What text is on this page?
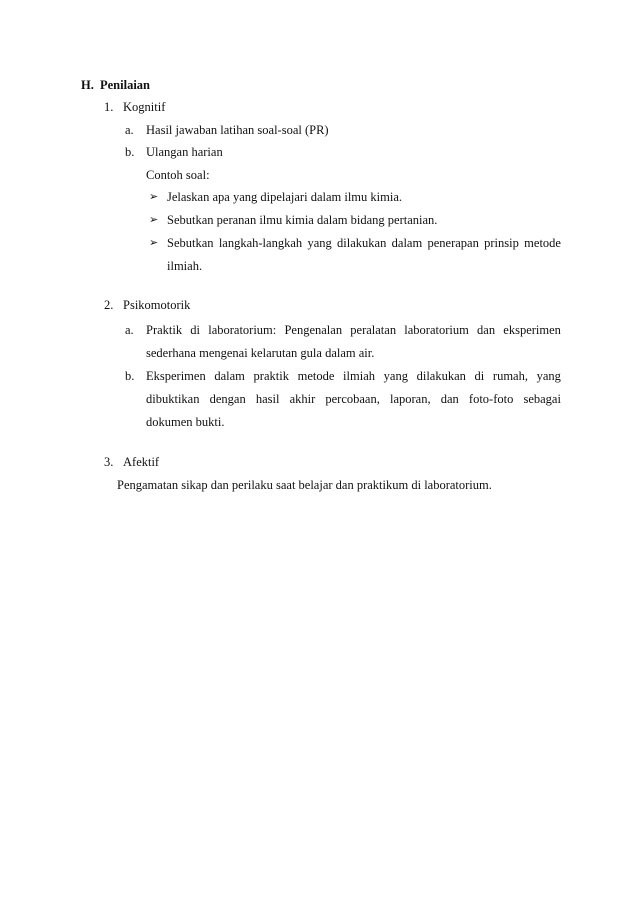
H. Penilaian
1. Kognitif
a. Hasil jawaban latihan soal-soal (PR)
b. Ulangan harian
Contoh soal:
➢ Jelaskan apa yang dipelajari dalam ilmu kimia.
➢ Sebutkan peranan ilmu kimia dalam bidang pertanian.
➢ Sebutkan langkah-langkah yang dilakukan dalam penerapan prinsip metode
ilmiah.
2. Psikomotorik
a. Praktik di laboratorium: Pengenalan peralatan laboratorium dan eksperimen
sederhana mengenai kelarutan gula dalam air.
b. Eksperimen dalam praktik metode ilmiah yang dilakukan di rumah, yang
dibuktikan dengan hasil akhir percobaan, laporan, dan foto-foto sebagai
dokumen bukti.
3. Afektif
Pengamatan sikap dan perilaku saat belajar dan praktikum di laboratorium.
